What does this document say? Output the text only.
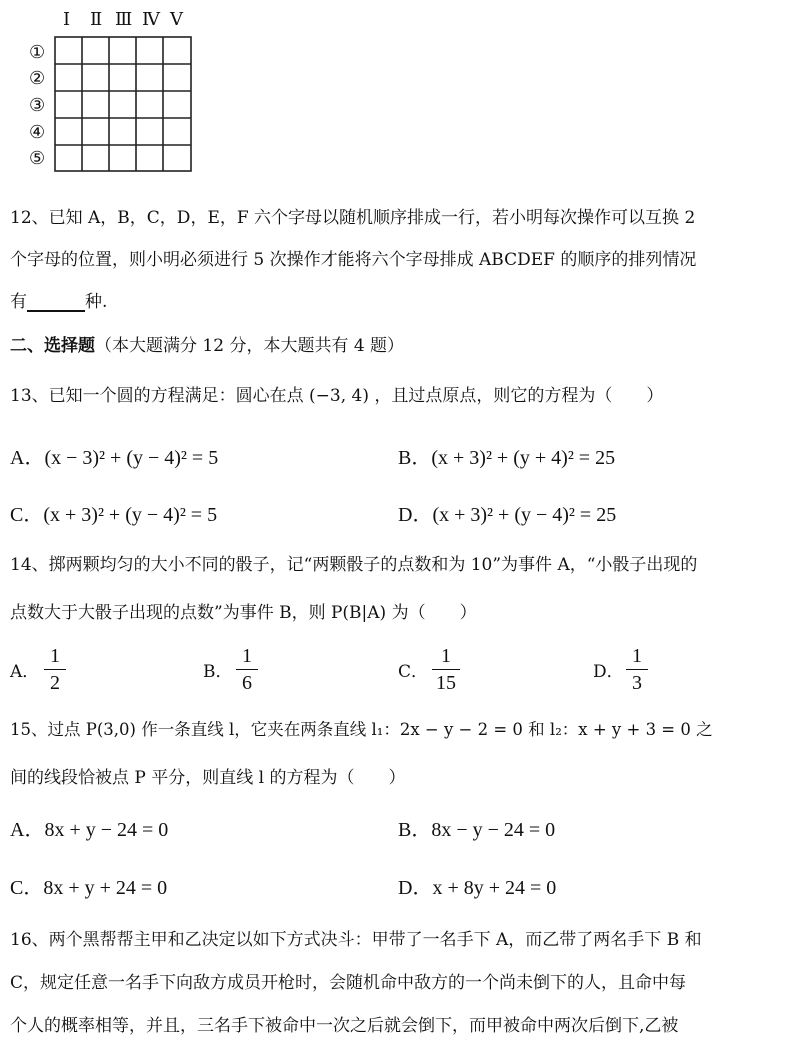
Ⅰ Ⅱ Ⅲ Ⅳ Ⅴ
①
②
③
④
⑤
12、已知 A，B，C，D，E，F 六个字母以随机顺序排成一行，若小明每次操作可以互换 2
个字母的位置，则小明必须进行 5 次操作才能将六个字母排成 ABCDEF 的顺序的排列情况
有	种.
二、选择题（本大题满分 12 分，本大题共有 4 题）
13、已知一个圆的方程满足：圆心在点 (−3, 4) ，且过点原点，则它的方程为（　　）
A．(x − 3)² + (y − 4)² = 5	B．(x + 3)² + (y + 4)² = 25
C．(x + 3)² + (y − 4)² = 5	D．(x + 3)² + (y − 4)² = 25
14、掷两颗均匀的大小不同的骰子，记“两颗骰子的点数和为 10”为事件 A，“小骰子出现的
点数大于大骰子出现的点数”为事件 B，则 P(B|A) 为（　　）
A．
1
2	B．
1
6	C．
1
15	D．
1
3
15、过点 P(3,0) 作一条直线 l，它夹在两条直线 l₁：2x − y − 2 = 0 和 l₂：x + y + 3 = 0 之
间的线段恰被点 P 平分，则直线 l 的方程为（　　）
A．8x + y − 24 = 0	B．8x − y − 24 = 0
C．8x + y + 24 = 0	D．x + 8y + 24 = 0
16、两个黑帮帮主甲和乙决定以如下方式决斗：甲带了一名手下 A，而乙带了两名手下 B 和
C，规定任意一名手下向敌方成员开枪时，会随机命中敌方的一个尚未倒下的人，且命中每
个人的概率相等，并且，三名手下被命中一次之后就会倒下，而甲被命中两次后倒下,乙被
